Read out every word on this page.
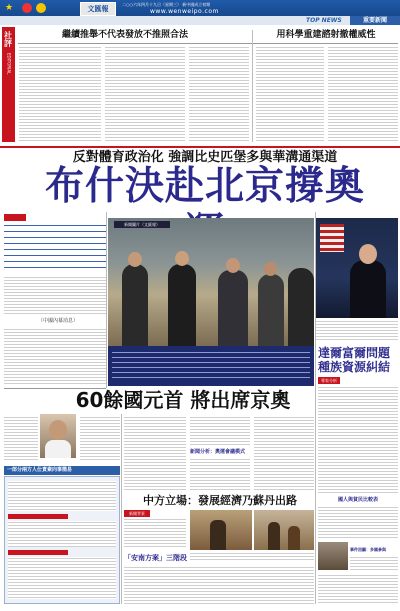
文匯報
二○○六年四月十九日（星期三） 新中國成立初期
www.wenweipo.com
★
TOP NEWS	重要新聞
社評
EDITORIAL
繼續推舉不代表發放不推照合法	用科學重建諮射撤權威性
反對體育政治化 強調比史匹堡多與華溝通渠道
布什決赴北京撐奧
（中國內幕消息）
新聞圖片（文匯報）
達爾富爾問題
種族資源糾結
專家分析
60餘國元首 將出席京奧
新聞分析：奧運會議模式
一郎分兩方人仕責素向事簡易
中方立場：發展經濟乃蘇丹出路
新聞背景
「安南方案」三階段
國人與貧民比較表
事件回顧：多國參與
